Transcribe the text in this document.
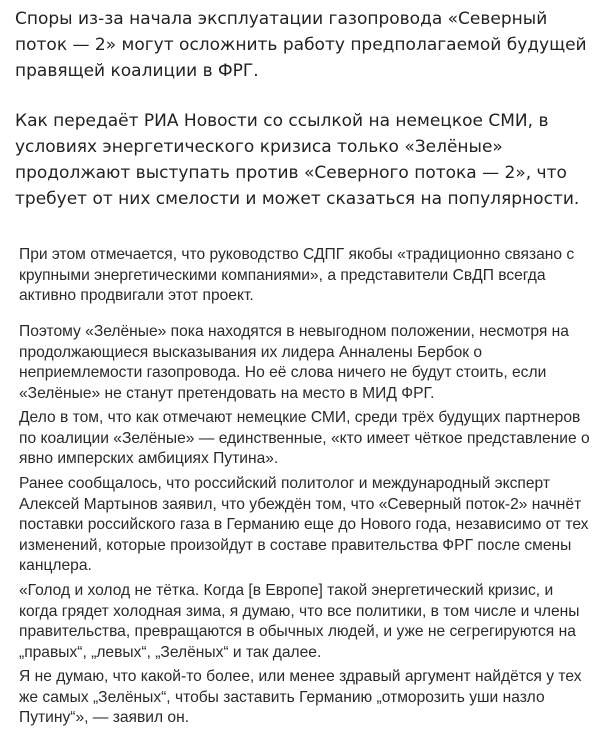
Споры из-за начала эксплуатации газопровода «Северный поток — 2» могут осложнить работу предполагаемой будущей правящей коалиции в ФРГ.

Как передаёт РИА Новости со ссылкой на немецкое СМИ, в условиях энергетического кризиса только «Зелёные» продолжают выступать против «Северного потока — 2», что требует от них смелости и может сказаться на популярности.

При этом отмечается, что руководство СДПГ якобы «традиционно связано с крупными энергетическими компаниями», а представители СвДП всегда активно продвигали этот проект.

Поэтому «Зелёные» пока находятся в невыгодном положении, несмотря на продолжающиеся высказывания их лидера Анналены Бербок о неприемлемости газопровода. Но её слова ничего не будут стоить, если «Зелёные» не станут претендовать на место в МИД ФРГ.

Дело в том, что как отмечают немецкие СМИ, среди трёх будущих партнеров по коалиции «Зелёные» — единственные, «кто имеет чёткое представление о явно имперских амбициях Путина».

Ранее сообщалось, что российский политолог и международный эксперт Алексей Мартынов заявил, что убеждён том, что «Северный поток-2» начнёт поставки российского газа в Германию еще до Нового года, независимо от тех изменений, которые произойдут в составе правительства ФРГ после смены канцлера.

«Голод и холод не тётка. Когда [в Европе] такой энергетический кризис, и когда грядет холодная зима, я думаю, что все политики, в том числе и члены правительства, превращаются в обычных людей, и уже не сегрегируются на „правых“, „левых“, „Зелёных“ и так далее.

Я не думаю, что какой-то более, или менее здравый аргумент найдётся у тех же самых „Зелёных“, чтобы заставить Германию „отморозить уши назло Путину“», — заявил он.
